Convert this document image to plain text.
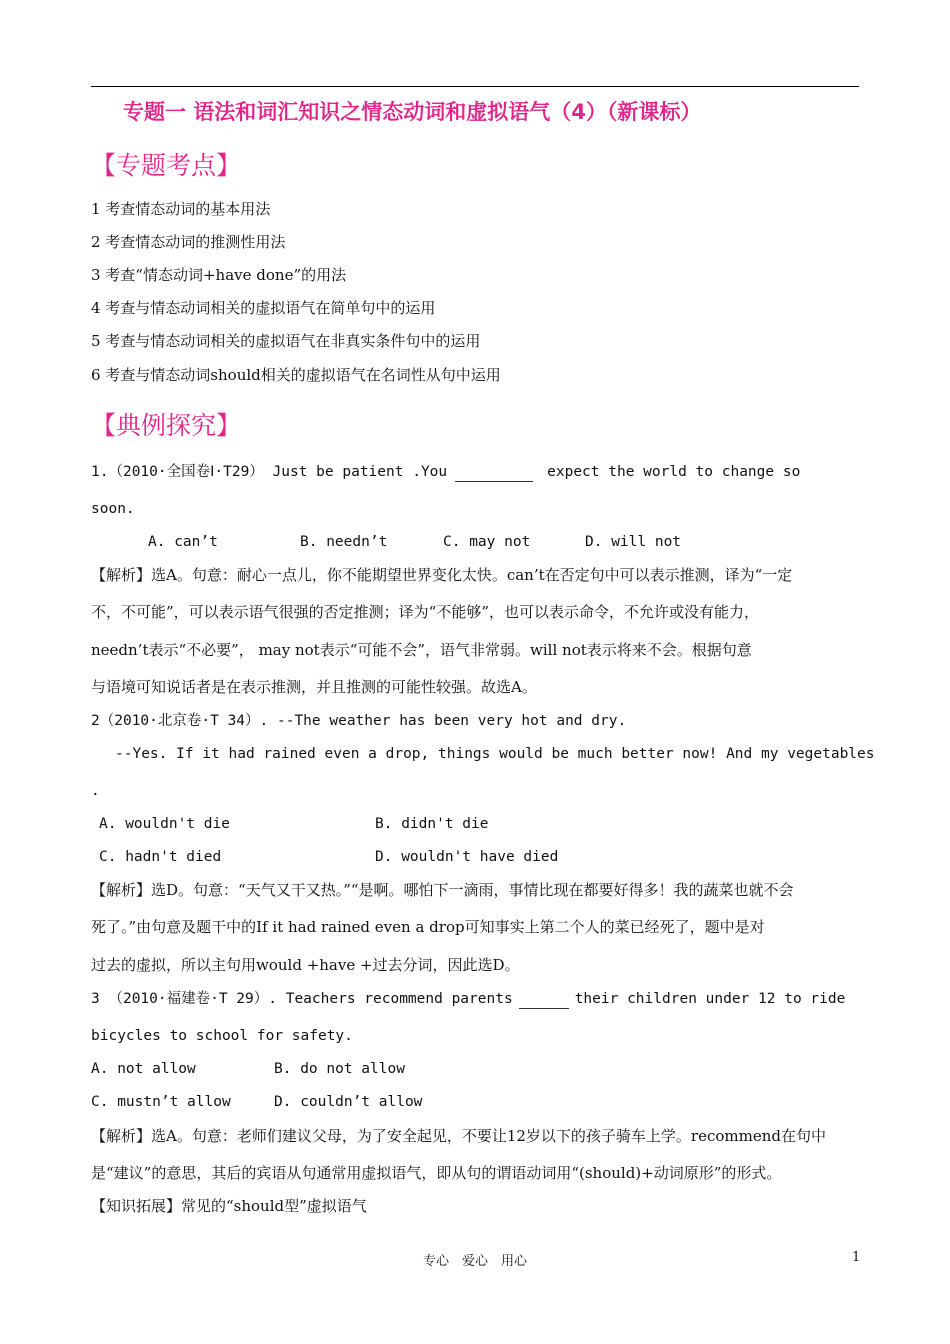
专题一 语法和词汇知识之情态动词和虚拟语气（4）（新课标）
【专题考点】
1 考查情态动词的基本用法
2 考查情态动词的推测性用法
3 考查“情态动词+have done”的用法
4 考查与情态动词相关的虚拟语气在简单句中的运用
5 考查与情态动词相关的虚拟语气在非真实条件句中的运用
6 考查与情态动词should相关的虚拟语气在名词性从句中运用
【典例探究】
1.（2010·全国卷Ⅰ·T29） Just be patient .You	expect the world to change so
soon.
A. can’t	B. needn’t	C. may not	D. will not
【解析】选A。句意：耐心一点儿，你不能期望世界变化太快。can’t在否定句中可以表示推测，译为“一定
不，不可能”，可以表示语气很强的否定推测；译为“不能够”，也可以表示命令，不允许或没有能力，
needn’t表示“不必要”， may not表示“可能不会”，语气非常弱。will not表示将来不会。根据句意
与语境可知说话者是在表示推测，并且推测的可能性较强。故选A。
2（2010·北京卷·T 34）. --The weather has been very hot and dry.
--Yes. If it had rained even a drop, things would be much better now! And my vegetables
.
A. wouldn't die	B. didn't die
C. hadn't died	D. wouldn't have died
【解析】选D。句意：“天气又干又热。”“是啊。哪怕下一滴雨，事情比现在都要好得多！我的蔬菜也就不会
死了。”由句意及题干中的If it had rained even a drop可知事实上第二个人的菜已经死了，题中是对
过去的虚拟，所以主句用would +have +过去分词，因此选D。
3 （2010·福建卷·T 29）. Teachers recommend parents	their children under 12 to ride
bicycles to school for safety.
A. not allow	B. do not allow
C. mustn’t allow	D. couldn’t allow
【解析】选A。句意：老师们建议父母，为了安全起见，不要让12岁以下的孩子骑车上学。recommend在句中
是“建议”的意思，其后的宾语从句通常用虚拟语气，即从句的谓语动词用“(should)+动词原形”的形式。
【知识拓展】常见的“should型”虚拟语气
专心　爱心　用心	1
